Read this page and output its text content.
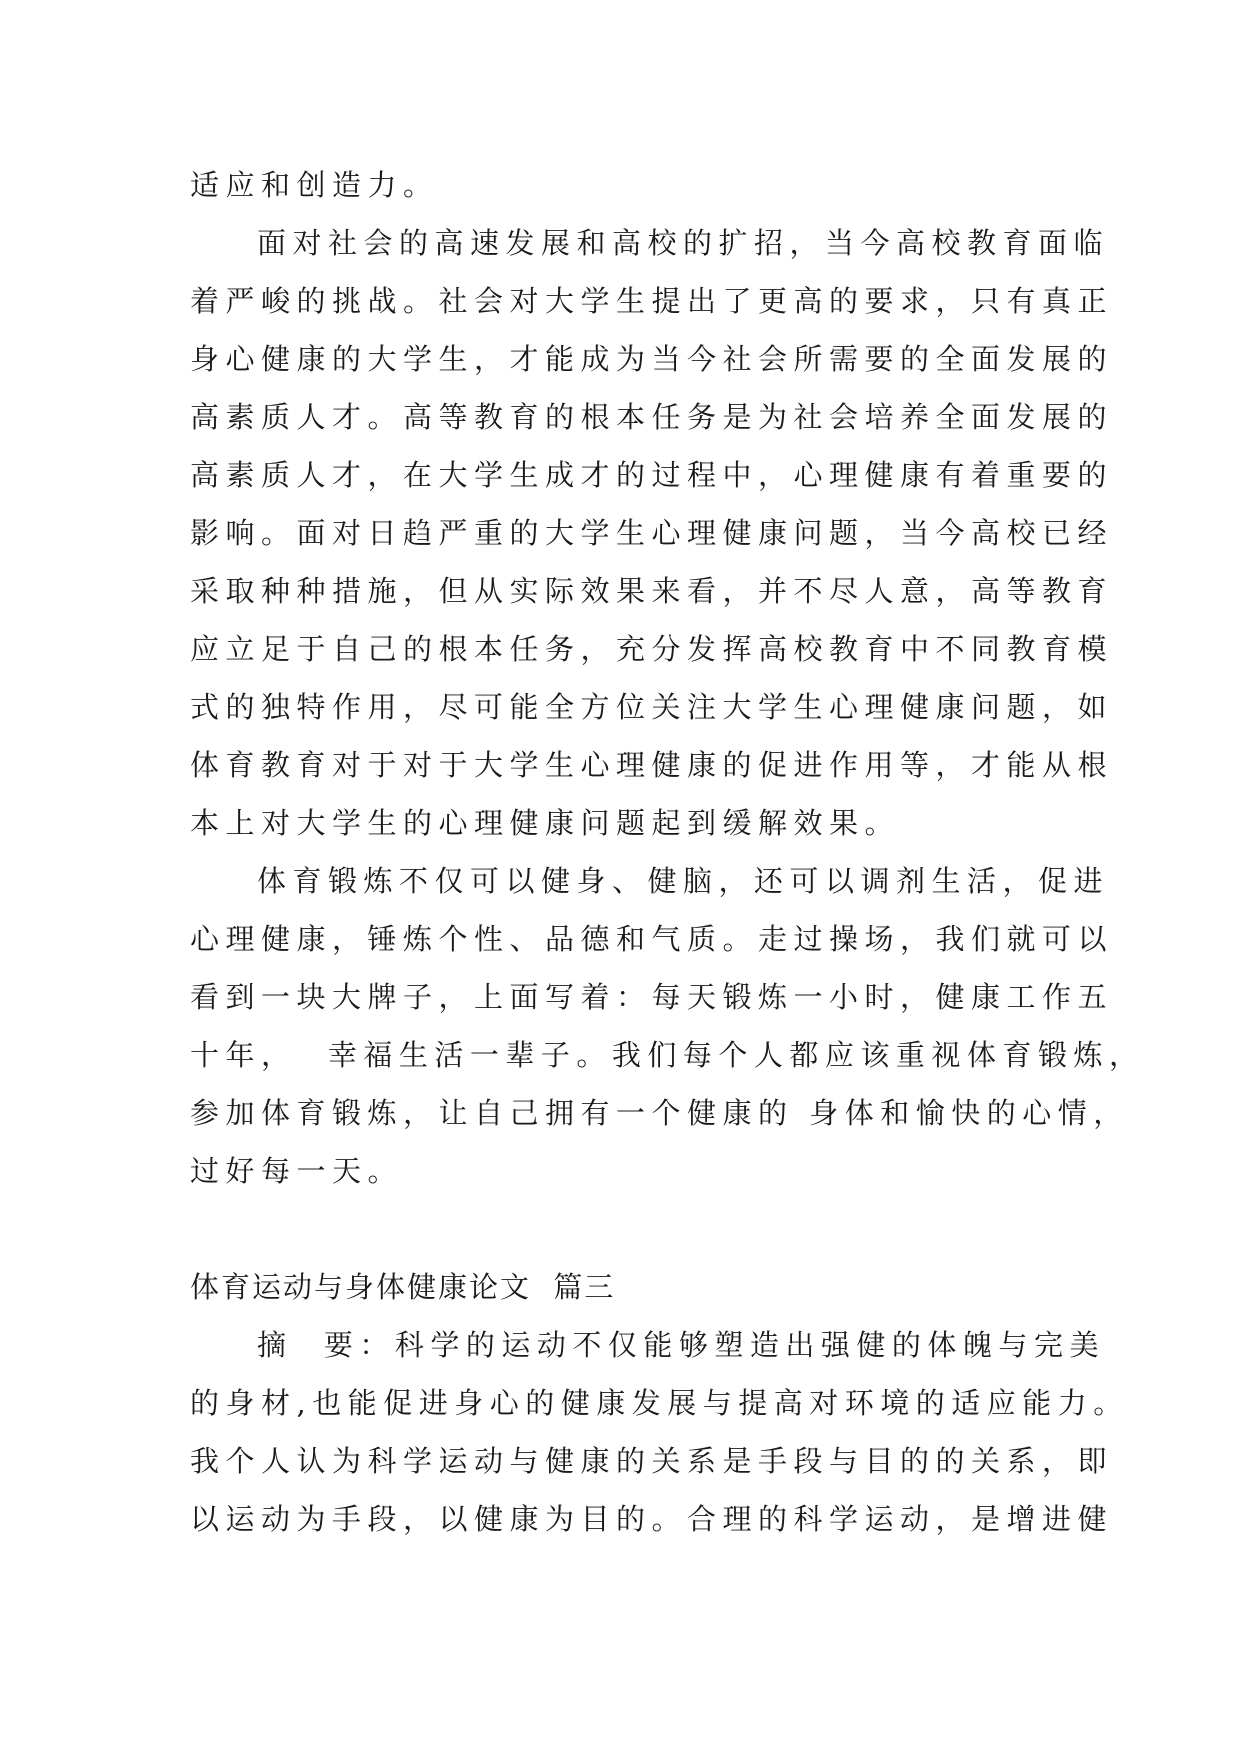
适应和创造力。
面对社会的高速发展和高校的扩招，当今高校教育面临
着严峻的挑战。社会对大学生提出了更高的要求，只有真正
身心健康的大学生，才能成为当今社会所需要的全面发展的
高素质人才。高等教育的根本任务是为社会培养全面发展的
高素质人才，在大学生成才的过程中，心理健康有着重要的
影响。面对日趋严重的大学生心理健康问题，当今高校已经
采取种种措施，但从实际效果来看，并不尽人意，高等教育
应立足于自己的根本任务，充分发挥高校教育中不同教育模
式的独特作用，尽可能全方位关注大学生心理健康问题，如
体育教育对于对于大学生心理健康的促进作用等，才能从根
本上对大学生的心理健康问题起到缓解效果。
体育锻炼不仅可以健身、健脑，还可以调剂生活，促进
心理健康，锤炼个性、品德和气质。走过操场，我们就可以
看到一块大牌子，上面写着：每天锻炼一小时，健康工作五
十年，  幸福生活一辈子。我们每个人都应该重视体育锻炼，
参加体育锻炼，让自己拥有一个健康的 身体和愉快的心情，
过好每一天。
体育运动与身体健康论文  篇三
摘  要：科学的运动不仅能够塑造出强健的体魄与完美
的身材,也能促进身心的健康发展与提高对环境的适应能力。
我个人认为科学运动与健康的关系是手段与目的的关系，即
以运动为手段，以健康为目的。合理的科学运动，是增进健
